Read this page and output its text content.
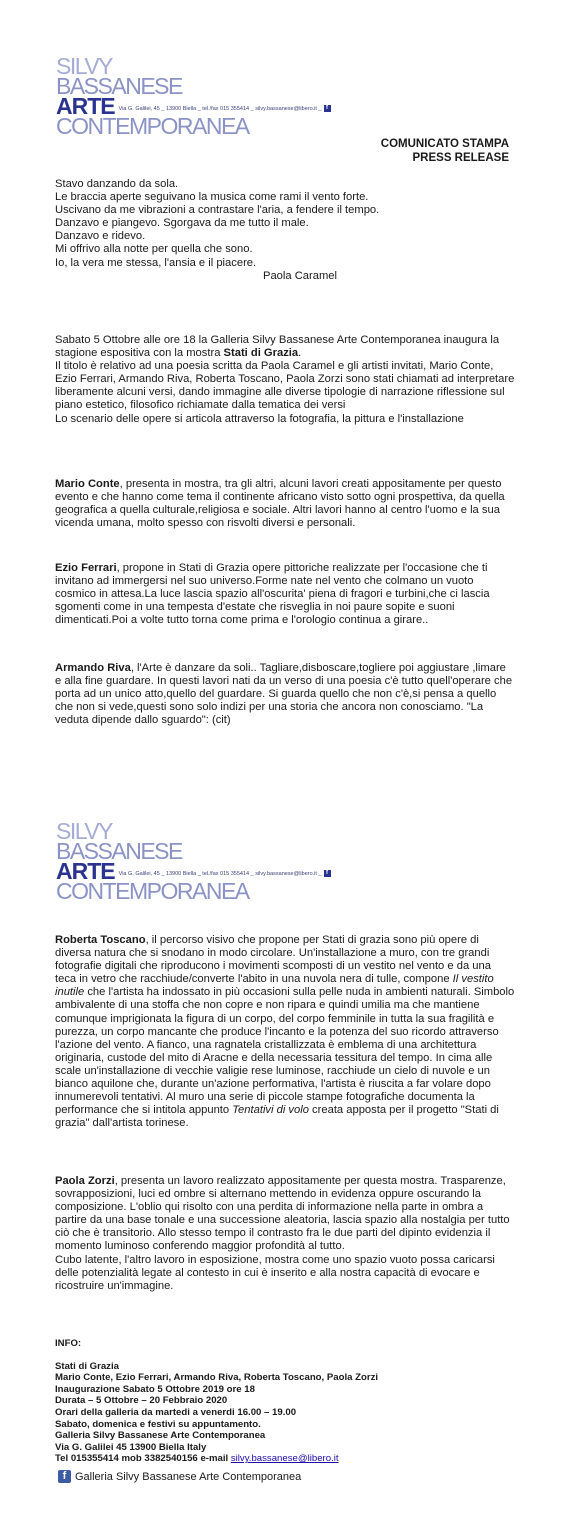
SILVY
BASSANESE
ARTE Via G. Galilei, 45 _ 13900 Biella _ tel./fax 015 355414 _ silvy.bassanese@libero.it _ f
CONTEMPORANEA
COMUNICATO STAMPA
PRESS RELEASE

Stavo danzando da sola.

Le braccia aperte seguivano la musica come rami il vento forte.

Uscivano da me vibrazioni a contrastare l'aria, a fendere il tempo.

Danzavo e piangevo. Sgorgava da me tutto il male.

Danzavo e ridevo.

Mi offrivo alla notte per quella che sono.

Io, la vera me stessa, l'ansia e il piacere.

Paola Caramel

Sabato 5 Ottobre alle ore 18 la Galleria Silvy Bassanese Arte Contemporanea inaugura la

stagione espositiva con la mostra Stati di Grazia.

Il titolo è relativo ad una poesia scritta da Paola Caramel e gli artisti invitati, Mario Conte, Ezio Ferrari, Armando Riva, Roberta Toscano, Paola Zorzi sono stati chiamati ad interpretare liberamente alcuni versi, dando immagine alle diverse tipologie di narrazione riflessione sul piano estetico, filosofico richiamate dalla tematica dei versi

Lo scenario delle opere si articola attraverso la fotografia, la pittura e l'installazione

Mario Conte, presenta in mostra, tra gli altri, alcuni lavori creati appositamente per questo evento e che hanno come tema il continente africano visto sotto ogni prospettiva, da quella geografica a quella culturale,religiosa e sociale. Altri lavori hanno al centro l'uomo e la sua vicenda umana, molto spesso con risvolti diversi e personali.

Ezio Ferrari, propone in Stati di Grazia opere pittoriche realizzate per l'occasione che ti invitano ad immergersi nel suo universo.Forme nate nel vento che colmano un vuoto cosmico in attesa.La luce lascia spazio all'oscurita' piena di fragori e turbini,che ci lascia sgomenti come in una tempesta d'estate che risveglia in noi paure sopite e suoni dimenticati.Poi a volte tutto torna come prima e l'orologio continua a girare..

Armando Riva, l'Arte è danzare da soli.. Tagliare,disboscare,togliere poi aggiustare ,limare e alla fine guardare. In questi lavori nati da un verso di una poesia c'è tutto quell'operare che porta ad un unico atto,quello del guardare. Si guarda quello che non c'è,si pensa a quello che non si vede,questi sono solo indizi per una storia che ancora non conosciamo. "La veduta dipende dallo sguardo": (cit)

SILVY
BASSANESE
ARTE Via G. Galilei, 45 _ 13900 Biella _ tel./fax 015 355414 _ silvy.bassanese@libero.it _ f
CONTEMPORANEA

Roberta Toscano, il percorso visivo che propone per Stati di grazia sono più opere di diversa natura che si snodano in modo circolare. Un'installazione a muro, con tre grandi fotografie digitali che riproducono i movimenti scomposti di un vestito nel vento e da una teca in vetro che racchiude/converte l'abito in una nuvola nera di tulle, compone Il vestito inutile che l'artista ha indossato in più occasioni sulla pelle nuda in ambienti naturali. Simbolo ambivalente di una stoffa che non copre e non ripara e quindi umilia ma che mantiene comunque imprigionata la figura di un corpo, del corpo femminile in tutta la sua fragilità e purezza, un corpo mancante che produce l'incanto e la potenza del suo ricordo attraverso l'azione del vento. A fianco, una ragnatela cristallizzata è emblema di una architettura originaria, custode del mito di Aracne e della necessaria tessitura del tempo. In cima alle scale un'installazione di vecchie valigie rese luminose, racchiude un cielo di nuvole e un bianco aquilone che, durante un'azione performativa, l'artista è riuscita a far volare dopo innumerevoli tentativi. Al muro una serie di piccole stampe fotografiche documenta la performance che si intitola appunto Tentativi di volo creata apposta per il progetto "Stati di grazia" dall'artista torinese.

Paola Zorzi, presenta un lavoro realizzato appositamente per questa mostra. Trasparenze, sovrapposizioni, luci ed ombre si alternano mettendo in evidenza oppure oscurando la composizione. L'oblio qui risolto con una perdita di informazione nella parte in ombra a partire da una base tonale e una successione aleatoria, lascia spazio alla nostalgia per tutto ciò che è transitorio. Allo stesso tempo il contrasto fra le due parti del dipinto evidenzia il momento luminoso conferendo maggior profondità al tutto.

Cubo latente, l'altro lavoro in esposizione, mostra come uno spazio vuoto possa caricarsi delle potenzialità legate al contesto in cui è inserito e alla nostra capacità di evocare e ricostruire un'immagine.

INFO:
Stati di Grazia
Mario Conte, Ezio Ferrari, Armando Riva, Roberta Toscano, Paola Zorzi
Inaugurazione Sabato 5 Ottobre 2019 ore 18
Durata – 5 Ottobre – 20 Febbraio 2020
Orari della galleria da martedi a venerdi 16.00 – 19.00
Sabato, domenica e festivi su appuntamento.
Galleria Silvy Bassanese Arte Contemporanea
Via G. Galilei 45 13900 Biella Italy
Tel 015355414 mob 3382540156 e-mail silvy.bassanese@libero.it
f Galleria Silvy Bassanese Arte Contemporanea
